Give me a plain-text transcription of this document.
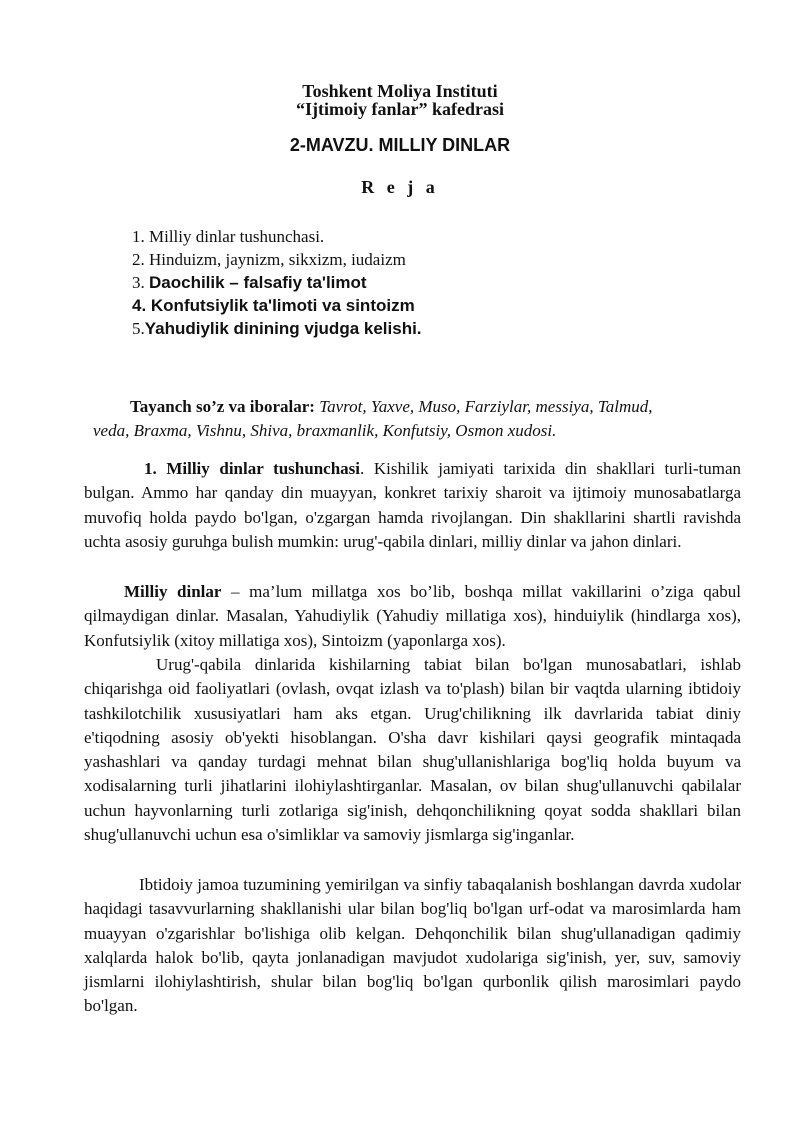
Toshkent Moliya Instituti
“Ijtimoiy fanlar” kafedrasi
2-MAVZU. MILLIY DINLAR
R e j a
1. Milliy dinlar tushunchasi.
2. Hinduizm, jaynizm, sikxizm, iudaizm
3. Daochilik – falsafiy ta'limot
4. Konfutsiylik ta'limoti va sintoizm
5.Yahudiylik dinining vjudga kelishi.
Tayanch so’z va iboralar: Tavrot, Yaxve, Muso, Farziylar, messiya, Talmud, veda, Braxma, Vishnu, Shiva, braxmanlik, Konfutsiy, Osmon xudosi.
1. Milliy dinlar tushunchasi. Kishilik jamiyati tarixida din shakllari turli-tuman bulgan. Ammo har qanday din muayyan, konkret tarixiy sharoit va ijtimoiy munosabatlarga muvofiq holda paydo bo'lgan, o'zgargan hamda rivojlangan. Din shakllarini shartli ravishda uchta asosiy guruhga bulish mumkin: urug'-qabila dinlari, milliy dinlar va jahon dinlari.
Milliy dinlar – ma’lum millatga xos bo’lib, boshqa millat vakillarini o’ziga qabul qilmaydigan dinlar. Masalan, Yahudiylik (Yahudiy millatiga xos), hinduiylik (hindlarga xos), Konfutsiylik (xitoy millatiga xos), Sintoizm (yaponlarga xos).
Urug'-qabila dinlarida kishilarning tabiat bilan bo'lgan munosabatlari, ishlab chiqarishga oid faoliyatlari (ovlash, ovqat izlash va to'plash) bilan bir vaqtda ularning ibtidoiy tashkilotchilik xususiyatlari ham aks etgan. Urug'chilikning ilk davrlarida tabiat diniy e'tiqodning asosiy ob'yekti hisoblangan. O'sha davr kishilari qaysi geografik mintaqada yashashlari va qanday turdagi mehnat bilan shug'ullanishlariga bog'liq holda buyum va xodisalarning turli jihatlarini ilohiylashtirganlar. Masalan, ov bilan shug'ullanuvchi qabilalar uchun hayvonlarning turli zotlariga sig'inish, dehqonchilikning qoyat sodda shakllari bilan shug'ullanuvchi uchun esa o'simliklar va samoviy jismlarga sig'inganlar.
Ibtidoiy jamoa tuzumining yemirilgan va sinfiy tabaqalanish boshlangan davrda xudolar haqidagi tasavvurlarning shakllanishi ular bilan bog'liq bo'lgan urf-odat va marosimlarda ham muayyan o'zgarishlar bo'lishiga olib kelgan. Dehqonchilik bilan shug'ullanadigan qadimiy xalqlarda halok bo'lib, qayta jonlanadigan mavjudot xudolariga sig'inish, yer, suv, samoviy jismlarni ilohiylashtirish, shular bilan bog'liq bo'lgan qurbonlik qilish marosimlari paydo bo'lgan.
